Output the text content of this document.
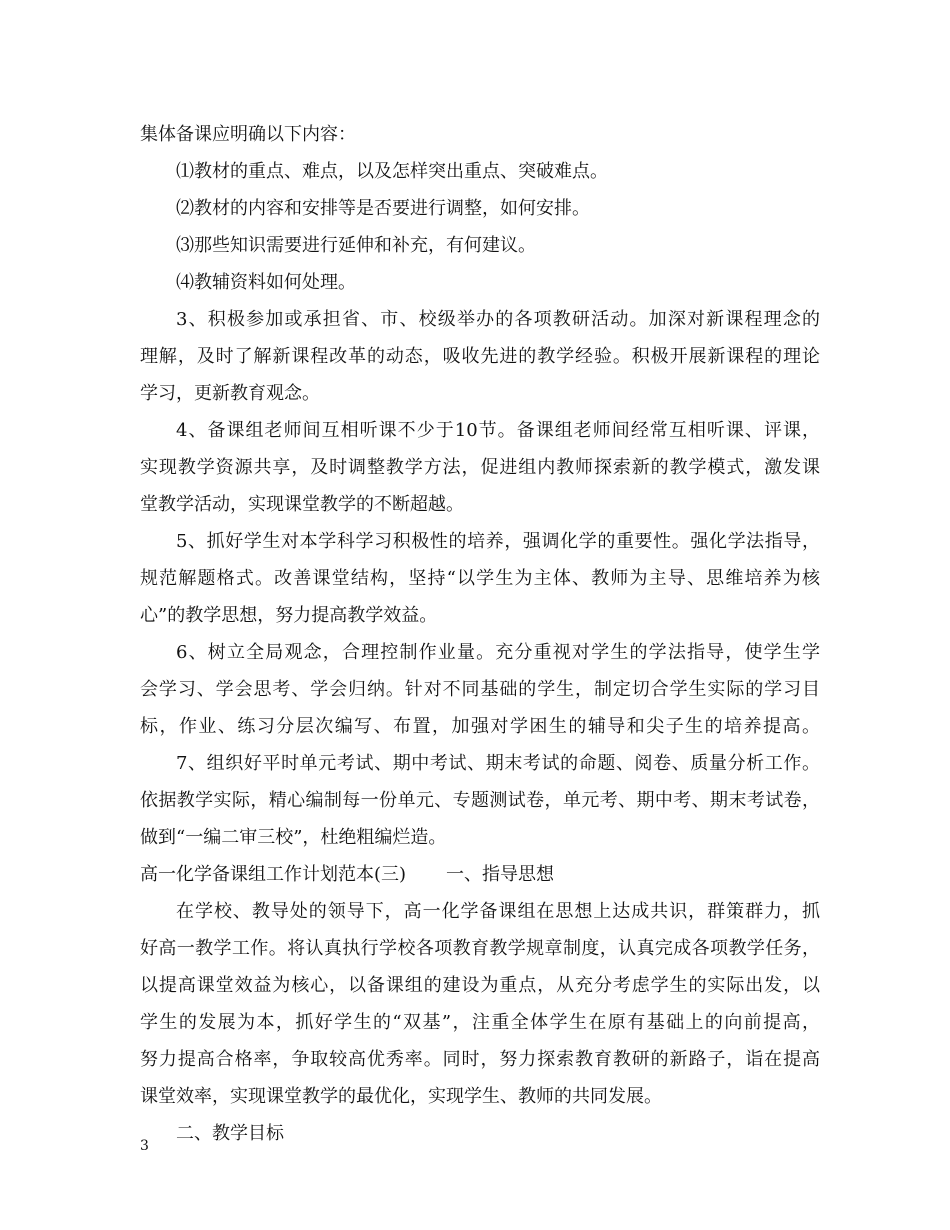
集体备课应明确以下内容：
⑴教材的重点、难点，以及怎样突出重点、突破难点。
⑵教材的内容和安排等是否要进行调整，如何安排。
⑶那些知识需要进行延伸和补充，有何建议。
⑷教辅资料如何处理。
3、积极参加或承担省、市、校级举办的各项教研活动。加深对新课程理念的
理解，及时了解新课程改革的动态，吸收先进的教学经验。积极开展新课程的理论
学习，更新教育观念。
4、备课组老师间互相听课不少于10节。备课组老师间经常互相听课、评课，
实现教学资源共享，及时调整教学方法，促进组内教师探索新的教学模式，激发课
堂教学活动，实现课堂教学的不断超越。
5、抓好学生对本学科学习积极性的培养，强调化学的重要性。强化学法指导，
规范解题格式。改善课堂结构，坚持“以学生为主体、教师为主导、思维培养为核
心”的教学思想，努力提高教学效益。
6、树立全局观念，合理控制作业量。充分重视对学生的学法指导，使学生学
会学习、学会思考、学会归纳。针对不同基础的学生，制定切合学生实际的学习目
标，作业、练习分层次编写、布置，加强对学困生的辅导和尖子生的培养提高。
7、组织好平时单元考试、期中考试、期末考试的命题、阅卷、质量分析工作。
依据教学实际，精心编制每一份单元、专题测试卷，单元考、期中考、期末考试卷，
做到“一编二审三校”，杜绝粗编烂造。
高一化学备课组工作计划范本(三) 一、指导思想
在学校、教导处的领导下，高一化学备课组在思想上达成共识，群策群力，抓
好高一教学工作。将认真执行学校各项教育教学规章制度，认真完成各项教学任务，
以提高课堂效益为核心，以备课组的建设为重点，从充分考虑学生的实际出发，以
学生的发展为本，抓好学生的“双基”，注重全体学生在原有基础上的向前提高，
努力提高合格率，争取较高优秀率。同时，努力探索教育教研的新路子，诣在提高
课堂效率，实现课堂教学的最优化，实现学生、教师的共同发展。
二、教学目标
3
